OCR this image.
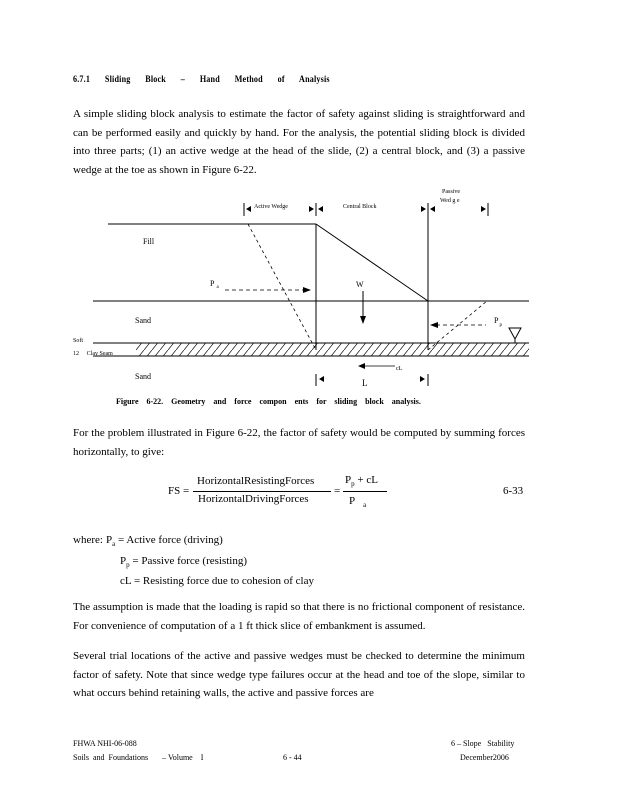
6.7.1 Sliding Block – Hand Method of Analysis
A simple sliding block analysis to estimate the factor of safety against sliding is straightforward and can be performed easily and quickly by hand. For the analysis, the potential sliding block is divided into three parts; (1) an active wedge at the head of the slide, (2) a central block, and (3) a passive wedge at the toe as shown in Figure 6-22.
Active Wedge	Central Block
Passive
Wed g e
Fill
P $_a$	W
$P_p$
Sand
Soft
12   Clay Seam
Sand
cL
L
Figure 6-22. Geometry and force compon ents for sliding block analysis.
For the problem illustrated in Figure 6-22, the factor of safety would be computed by summing forces horizontally, to give:
FS =
HorizontalResistingForces
HorizontalDrivingForces
=
$P_p$ + cL
P $_a$
6-33
where: $P_a$ = Active force (driving)
$P_p$ = Passive force (resisting)
cL = Resisting force due to cohesion of clay
The assumption is made that the loading is rapid so that there is no frictional component of resistance. For convenience of computation of a 1 ft thick slice of embankment is assumed.
Several trial locations of the active and passive wedges must be checked to determine the minimum factor of safety. Note that since wedge type failures occur at the head and toe of the slope, similar to what occurs behind retaining walls, the active and passive forces are
FHWA NHI-06-088
Soils  and  Foundations       – Volume    I	6 - 44
6 – Slope   Stability
December2006
